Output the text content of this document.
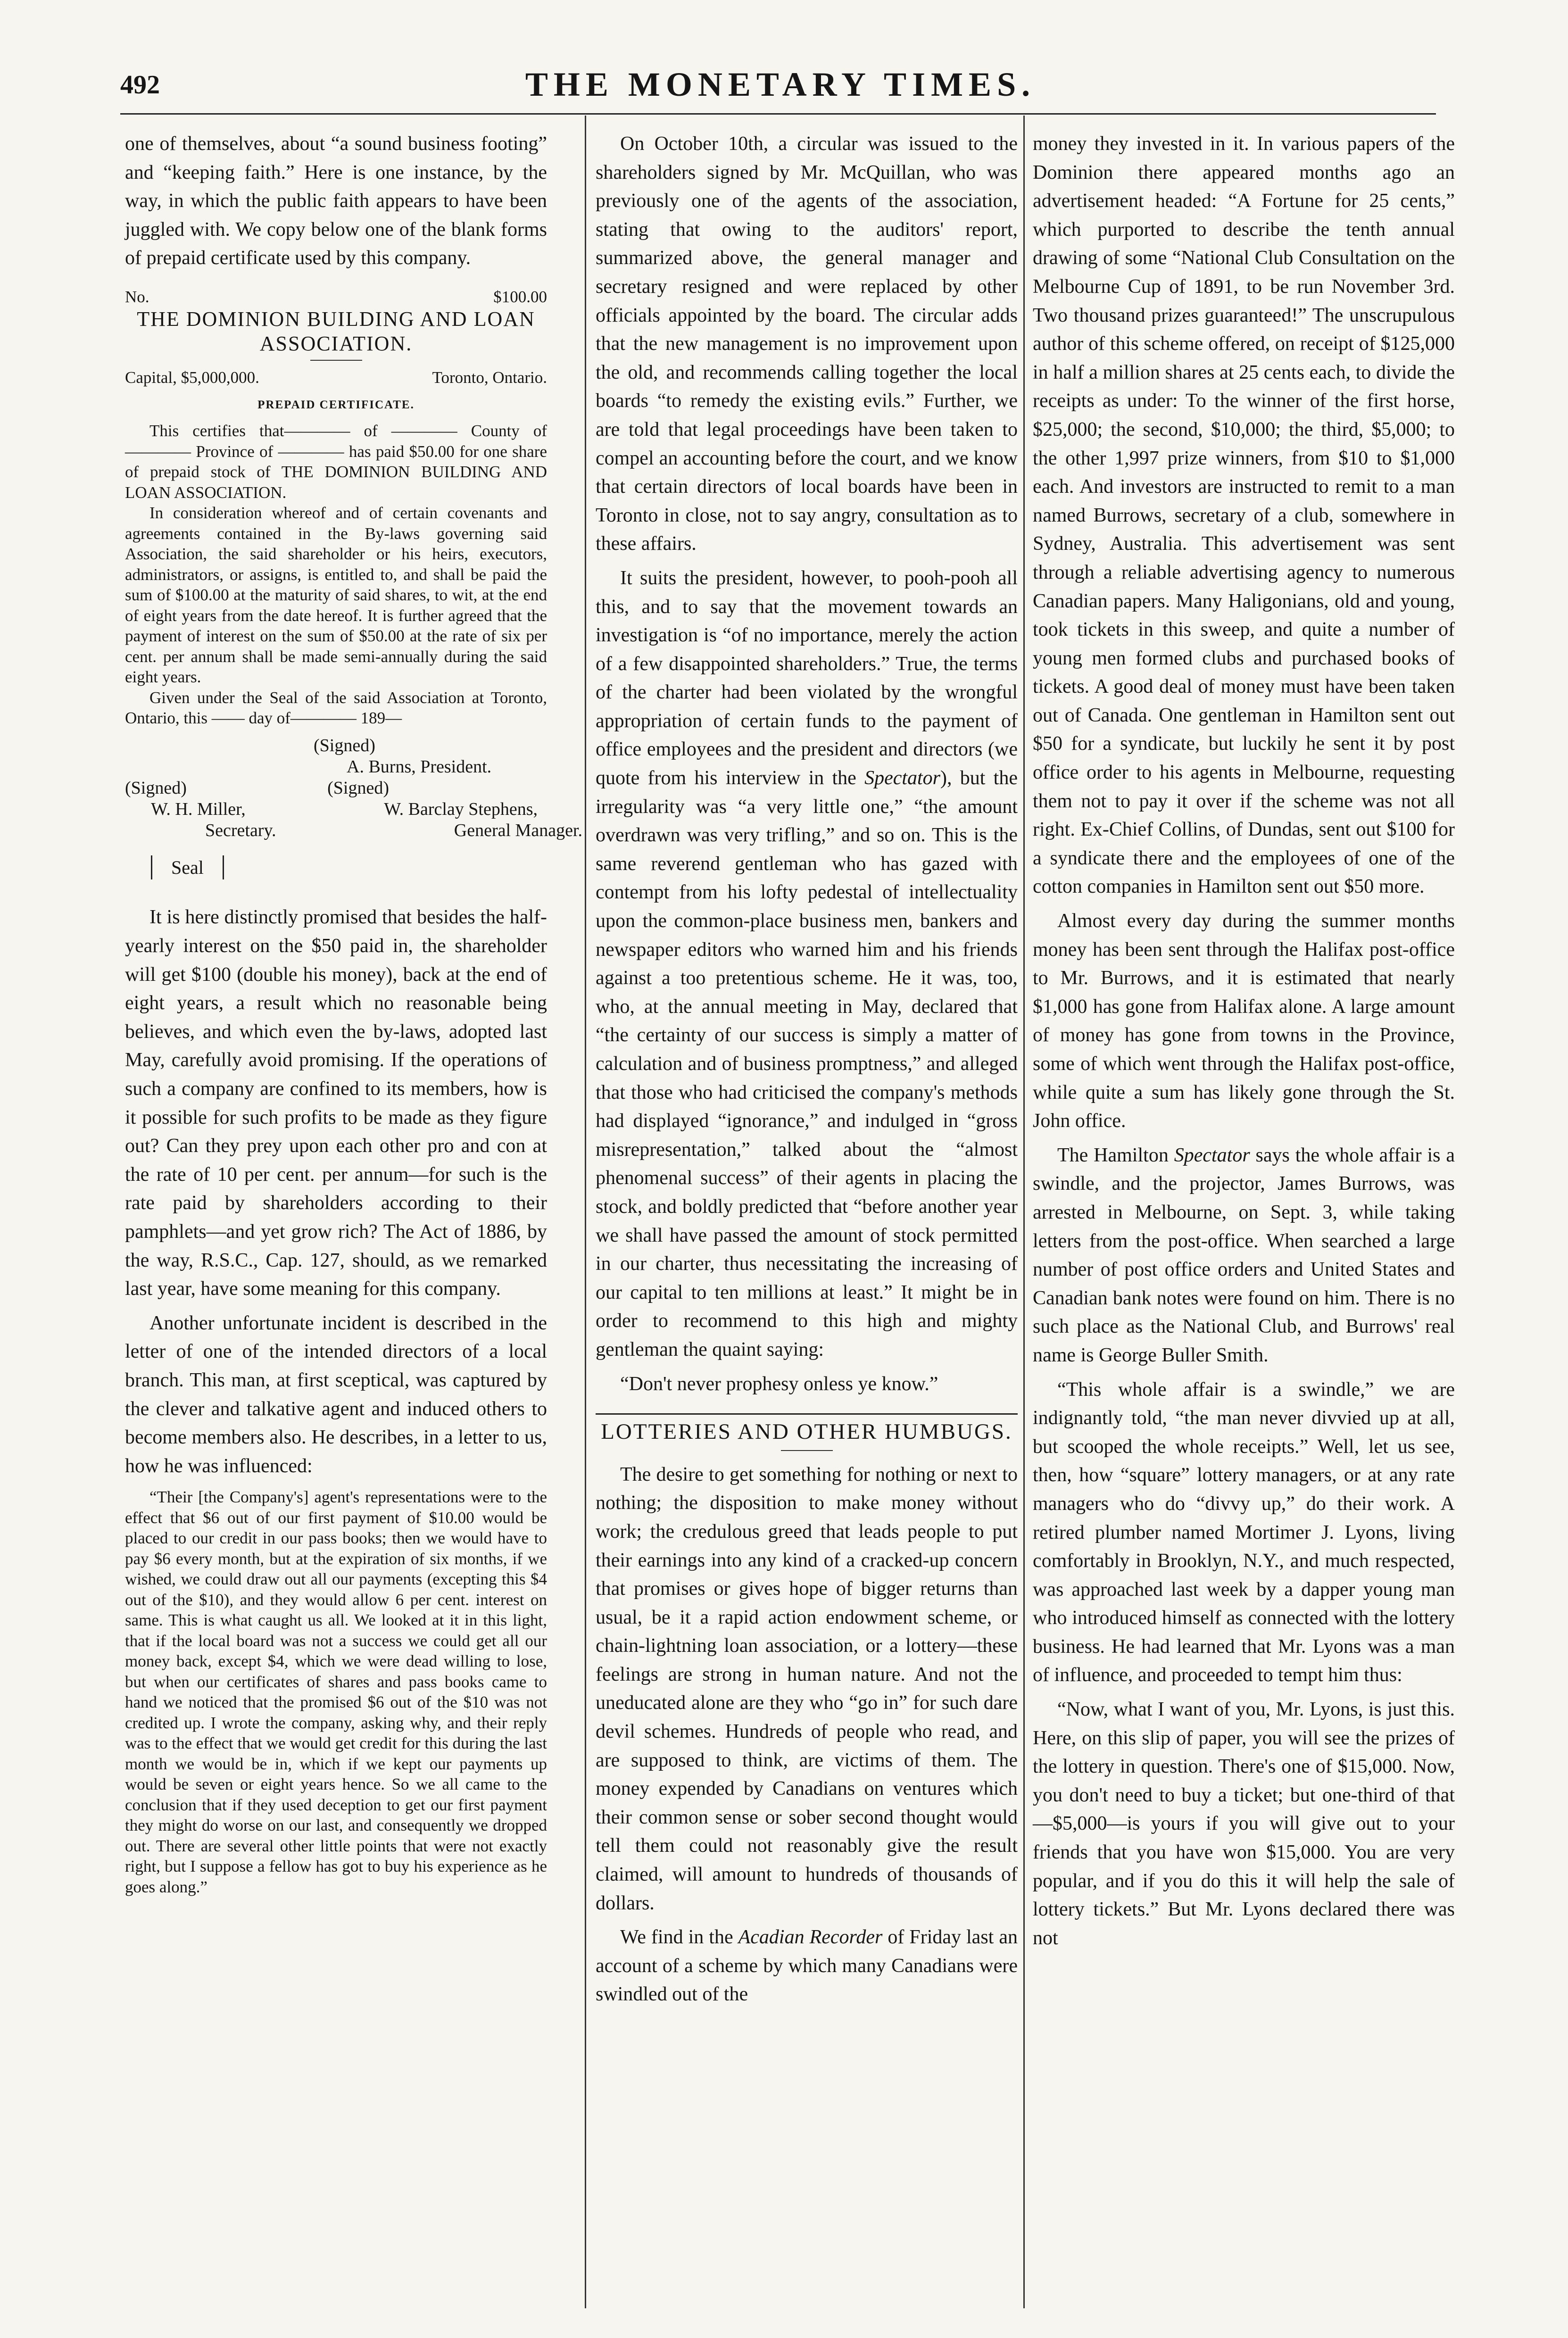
492	THE MONETARY TIMES.

one of themselves, about “a sound business footing” and “keeping faith.” Here is one instance, by the way, in which the public faith appears to have been juggled with. We copy below one of the blank forms of prepaid certificate used by this company.

No.	$100.00
THE DOMINION BUILDING AND LOAN ASSOCIATION.
Capital, $5,000,000.	Toronto, Ontario.
PREPAID CERTIFICATE.

This certifies that———— of ———— County of ———— Province of ———— has paid $50.00 for one share of prepaid stock of THE DOMINION BUILDING AND LOAN ASSOCIATION.

In consideration whereof and of certain covenants and agreements contained in the By-laws governing said Association, the said shareholder or his heirs, executors, administrators, or assigns, is entitled to, and shall be paid the sum of $100.00 at the maturity of said shares, to wit, at the end of eight years from the date hereof. It is further agreed that the payment of interest on the sum of $50.00 at the rate of six per cent. per annum shall be made semi-annually during the said eight years.

Given under the Seal of the said Association at Toronto, Ontario, this —— day of———— 189—

(Signed)
A. Burns, President.
(Signed)	(Signed)
W. H. Miller,	W. Barclay Stephens,
Secretary.	General Manager.
Seal

It is here distinctly promised that besides the half-yearly interest on the $50 paid in, the shareholder will get $100 (double his money), back at the end of eight years, a result which no reasonable being believes, and which even the by-laws, adopted last May, carefully avoid promising. If the operations of such a company are confined to its members, how is it possible for such profits to be made as they figure out? Can they prey upon each other pro and con at the rate of 10 per cent. per annum—for such is the rate paid by shareholders according to their pamphlets—and yet grow rich? The Act of 1886, by the way, R.S.C., Cap. 127, should, as we remarked last year, have some meaning for this company.

Another unfortunate incident is described in the letter of one of the intended directors of a local branch. This man, at first sceptical, was captured by the clever and talkative agent and induced others to become members also. He describes, in a letter to us, how he was influenced:

“Their [the Company's] agent's representations were to the effect that $6 out of our first payment of $10.00 would be placed to our credit in our pass books; then we would have to pay $6 every month, but at the expiration of six months, if we wished, we could draw out all our payments (excepting this $4 out of the $10), and they would allow 6 per cent. interest on same. This is what caught us all. We looked at it in this light, that if the local board was not a success we could get all our money back, except $4, which we were dead willing to lose, but when our certificates of shares and pass books came to hand we noticed that the promised $6 out of the $10 was not credited up. I wrote the company, asking why, and their reply was to the effect that we would get credit for this during the last month we would be in, which if we kept our payments up would be seven or eight years hence. So we all came to the conclusion that if they used deception to get our first payment they might do worse on our last, and consequently we dropped out. There are several other little points that were not exactly right, but I suppose a fellow has got to buy his experience as he goes along.”

On October 10th, a circular was issued to the shareholders signed by Mr. McQuillan, who was previously one of the agents of the association, stating that owing to the auditors' report, summarized above, the general manager and secretary resigned and were replaced by other officials appointed by the board. The circular adds that the new management is no improvement upon the old, and recommends calling together the local boards “to remedy the existing evils.” Further, we are told that legal proceedings have been taken to compel an accounting before the court, and we know that certain directors of local boards have been in Toronto in close, not to say angry, consultation as to these affairs.

It suits the president, however, to pooh-pooh all this, and to say that the movement towards an investigation is “of no importance, merely the action of a few disappointed shareholders.” True, the terms of the charter had been violated by the wrongful appropriation of certain funds to the payment of office employees and the president and directors (we quote from his interview in the Spectator), but the irregularity was “a very little one,” “the amount overdrawn was very trifling,” and so on. This is the same reverend gentleman who has gazed with contempt from his lofty pedestal of intellectuality upon the common-place business men, bankers and newspaper editors who warned him and his friends against a too pretentious scheme. He it was, too, who, at the annual meeting in May, declared that “the certainty of our success is simply a matter of calculation and of business promptness,” and alleged that those who had criticised the company's methods had displayed “ignorance,” and indulged in “gross misrepresentation,” talked about the “almost phenomenal success” of their agents in placing the stock, and boldly predicted that “before another year we shall have passed the amount of stock permitted in our charter, thus necessitating the increasing of our capital to ten millions at least.” It might be in order to recommend to this high and mighty gentleman the quaint saying:

“Don't never prophesy onless ye know.”

LOTTERIES AND OTHER HUMBUGS.

The desire to get something for nothing or next to nothing; the disposition to make money without work; the credulous greed that leads people to put their earnings into any kind of a cracked-up concern that promises or gives hope of bigger returns than usual, be it a rapid action endowment scheme, or chain-lightning loan association, or a lottery—these feelings are strong in human nature. And not the uneducated alone are they who “go in” for such dare devil schemes. Hundreds of people who read, and are supposed to think, are victims of them. The money expended by Canadians on ventures which their common sense or sober second thought would tell them could not reasonably give the result claimed, will amount to hundreds of thousands of dollars.

We find in the Acadian Recorder of Friday last an account of a scheme by which many Canadians were swindled out of the

money they invested in it. In various papers of the Dominion there appeared months ago an advertisement headed: “A Fortune for 25 cents,” which purported to describe the tenth annual drawing of some “National Club Consultation on the Melbourne Cup of 1891, to be run November 3rd. Two thousand prizes guaranteed!” The unscrupulous author of this scheme offered, on receipt of $125,000 in half a million shares at 25 cents each, to divide the receipts as under: To the winner of the first horse, $25,000; the second, $10,000; the third, $5,000; to the other 1,997 prize winners, from $10 to $1,000 each. And investors are instructed to remit to a man named Burrows, secretary of a club, somewhere in Sydney, Australia. This advertisement was sent through a reliable advertising agency to numerous Canadian papers. Many Haligonians, old and young, took tickets in this sweep, and quite a number of young men formed clubs and purchased books of tickets. A good deal of money must have been taken out of Canada. One gentleman in Hamilton sent out $50 for a syndicate, but luckily he sent it by post office order to his agents in Melbourne, requesting them not to pay it over if the scheme was not all right. Ex-Chief Collins, of Dundas, sent out $100 for a syndicate there and the employees of one of the cotton companies in Hamilton sent out $50 more.

Almost every day during the summer months money has been sent through the Halifax post-office to Mr. Burrows, and it is estimated that nearly $1,000 has gone from Halifax alone. A large amount of money has gone from towns in the Province, some of which went through the Halifax post-office, while quite a sum has likely gone through the St. John office.

The Hamilton Spectator says the whole affair is a swindle, and the projector, James Burrows, was arrested in Melbourne, on Sept. 3, while taking letters from the post-office. When searched a large number of post office orders and United States and Canadian bank notes were found on him. There is no such place as the National Club, and Burrows' real name is George Buller Smith.

“This whole affair is a swindle,” we are indignantly told, “the man never divvied up at all, but scooped the whole receipts.” Well, let us see, then, how “square” lottery managers, or at any rate managers who do “divvy up,” do their work. A retired plumber named Mortimer J. Lyons, living comfortably in Brooklyn, N.Y., and much respected, was approached last week by a dapper young man who introduced himself as connected with the lottery business. He had learned that Mr. Lyons was a man of influence, and proceeded to tempt him thus:

“Now, what I want of you, Mr. Lyons, is just this. Here, on this slip of paper, you will see the prizes of the lottery in question. There's one of $15,000. Now, you don't need to buy a ticket; but one-third of that—$5,000—is yours if you will give out to your friends that you have won $15,000. You are very popular, and if you do this it will help the sale of lottery tickets.” But Mr. Lyons declared there was not
